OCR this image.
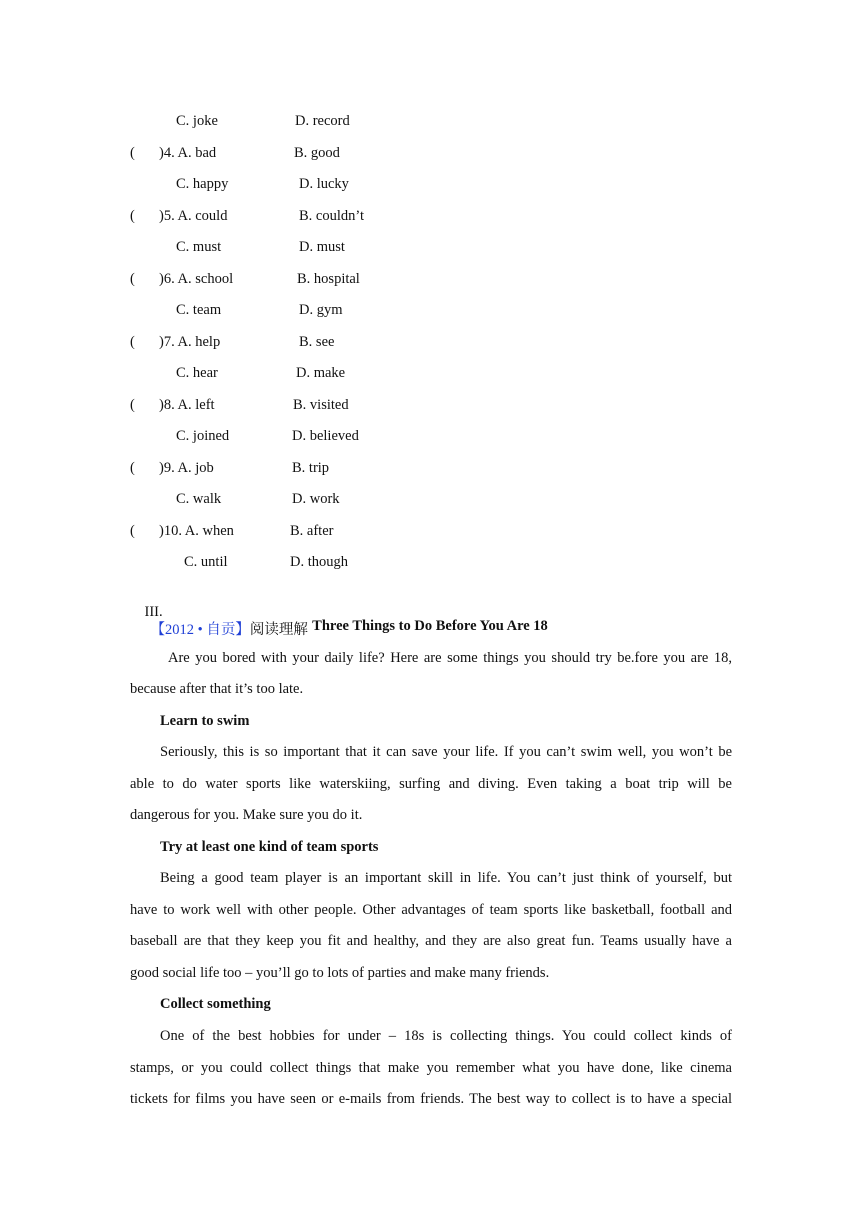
C. joke	D. record
( )4. A. bad	B. good
C. happy	D. lucky
( )5. A. could	B. couldn’t
C. must	D. must
( )6. A. school	B. hospital
C. team	D. gym
( )7. A. help	B. see
C. hear	D. make
( )8. A. left	B. visited
C. joined	D. believed
( )9. A. job	B. trip
C. walk	D. work
( )10. A. when	B. after
C. until	D. though

III.
【2012 • 自贡】阅读理解
Three Things to Do Before You Are 18
Are you bored with your daily life? Here are some things you should try be.fore you are 18,
because after that it’s too late.
Learn to swim
Seriously, this is so important that it can save your life. If you can’t swim well, you won’t be
able to do water sports like waterskiing, surfing and diving. Even taking a boat trip will be
dangerous for you. Make sure you do it.
Try at least one kind of team sports
Being a good team player is an important skill in life. You can’t just think of yourself, but
have to work well with other people. Other advantages of team sports like basketball, football and
baseball are that they keep you fit and healthy, and they are also great fun. Teams usually have a
good social life too – you’ll go to lots of parties and make many friends.
Collect something
One of the best hobbies for under – 18s is collecting things. You could collect kinds of
stamps, or you could collect things that make you remember what you have done, like cinema
tickets for films you have seen or e-mails from friends. The best way to collect is to have a special
